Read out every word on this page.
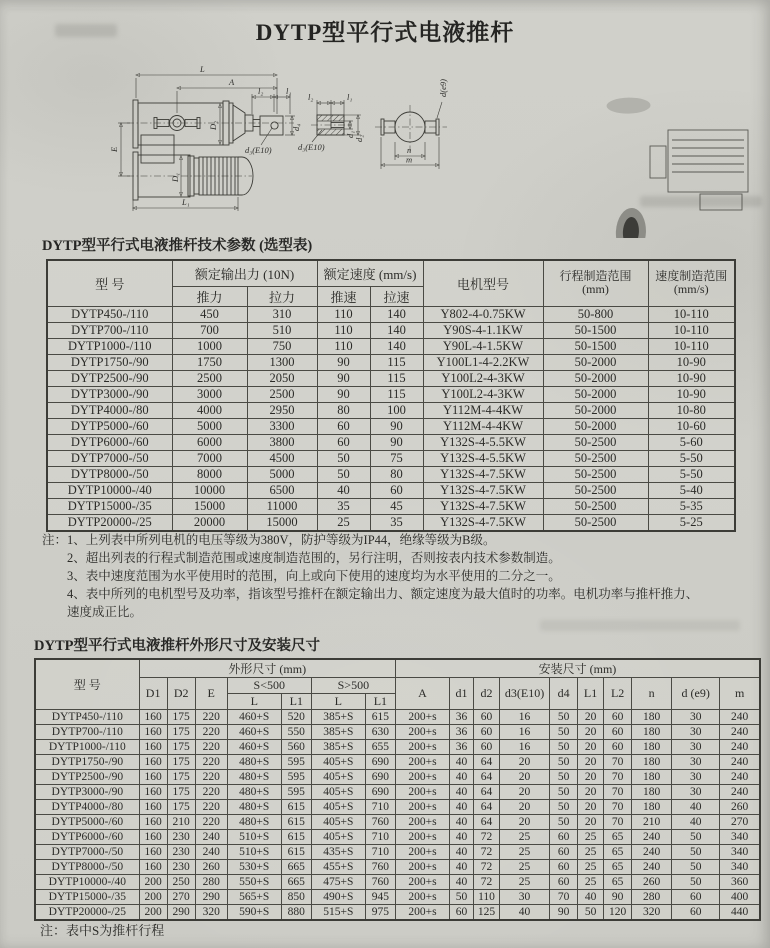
DYTP型平行式电液推杆
L
A
l₂	l₁
d₃(E10)
d₄
D₂
E
D₁
L₁
l₂	l₁
d₃(E10)
d₁
d₂
d(e9)
n
m
DYTP型平行式电液推杆技术参数 (选型表)
型 号	额定输出力 (10N)	额定速度 (mm/s)	电机型号	
行程制造范围
(mm)

速度制造范围
(mm/s)

	推力	拉力	推速	拉速			
DYTP450-/110	450	310	110	140	Y802-4-0.75KW	50-800	10-110
DYTP700-/110	700	510	110	140	Y90S-4-1.1KW	50-1500	10-110
DYTP1000-/110	1000	750	110	140	Y90L-4-1.5KW	50-1500	10-110
DYTP1750-/90	1750	1300	90	115	Y100L1-4-2.2KW	50-2000	10-90
DYTP2500-/90	2500	2050	90	115	Y100L2-4-3KW	50-2000	10-90
DYTP3000-/90	3000	2500	90	115	Y100L2-4-3KW	50-2000	10-90
DYTP4000-/80	4000	2950	80	100	Y112M-4-4KW	50-2000	10-80
DYTP5000-/60	5000	3300	60	90	Y112M-4-4KW	50-2000	10-60
DYTP6000-/60	6000	3800	60	90	Y132S-4-5.5KW	50-2500	5-60
DYTP7000-/50	7000	4500	50	75	Y132S-4-5.5KW	50-2500	5-50
DYTP8000-/50	8000	5000	50	80	Y132S-4-7.5KW	50-2500	5-50
DYTP10000-/40	10000	6500	40	60	Y132S-4-7.5KW	50-2500	5-40
DYTP15000-/35	15000	11000	35	45	Y132S-4-7.5KW	50-2500	5-35
DYTP20000-/25	20000	15000	25	35	Y132S-4-7.5KW	50-2500	5-25
注：1、上列表中所列电机的电压等级为380V，防护等级为IP44，绝缘等级为B级。
2、超出列表的行程式制造范围或速度制造范围的，另行注明，否则按表内技术参数制造。
3、表中速度范围为水平使用时的范围，向上或向下使用的速度均为水平使用的二分之一。
4、表中所列的电机型号及功率，指该型号推杆在额定输出力、额定速度为最大值时的功率。电机功率与推杆推力、
速度成正比。
DYTP型平行式电液推杆外形尺寸及安装尺寸
型 号	外形尺寸 (mm)							安装尺寸 (mm)									
	D1	D2	E	S<500		S>500		A	d1	d2	d3(E10)	d4	L1	L2	n	d (e9)	m
				L	L1	L	L1										
DYTP450-/110	160	175	220	460+S	520	385+S	615	200+s	36	60	16	50	20	60	180	30	240
DYTP700-/110	160	175	220	460+S	550	385+S	630	200+s	36	60	16	50	20	60	180	30	240
DYTP1000-/110	160	175	220	460+S	560	385+S	655	200+s	36	60	16	50	20	60	180	30	240
DYTP1750-/90	160	175	220	480+S	595	405+S	690	200+s	40	64	20	50	20	70	180	30	240
DYTP2500-/90	160	175	220	480+S	595	405+S	690	200+s	40	64	20	50	20	70	180	30	240
DYTP3000-/90	160	175	220	480+S	595	405+S	690	200+s	40	64	20	50	20	70	180	30	240
DYTP4000-/80	160	175	220	480+S	615	405+S	710	200+s	40	64	20	50	20	70	180	40	260
DYTP5000-/60	160	210	220	480+S	615	405+S	760	200+s	40	64	20	50	20	70	210	40	270
DYTP6000-/60	160	230	240	510+S	615	405+S	710	200+s	40	72	25	60	25	65	240	50	340
DYTP7000-/50	160	230	240	510+S	615	435+S	710	200+s	40	72	25	60	25	65	240	50	340
DYTP8000-/50	160	230	260	530+S	665	455+S	760	200+s	40	72	25	60	25	65	240	50	340
DYTP10000-/40	200	250	280	550+S	665	475+S	760	200+s	40	72	25	60	25	65	260	50	360
DYTP15000-/35	200	270	290	565+S	850	490+S	945	200+s	50	110	30	70	40	90	280	60	400
DYTP20000-/25	200	290	320	590+S	880	515+S	975	200+s	60	125	40	90	50	120	320	60	440
注：表中S为推杆行程
